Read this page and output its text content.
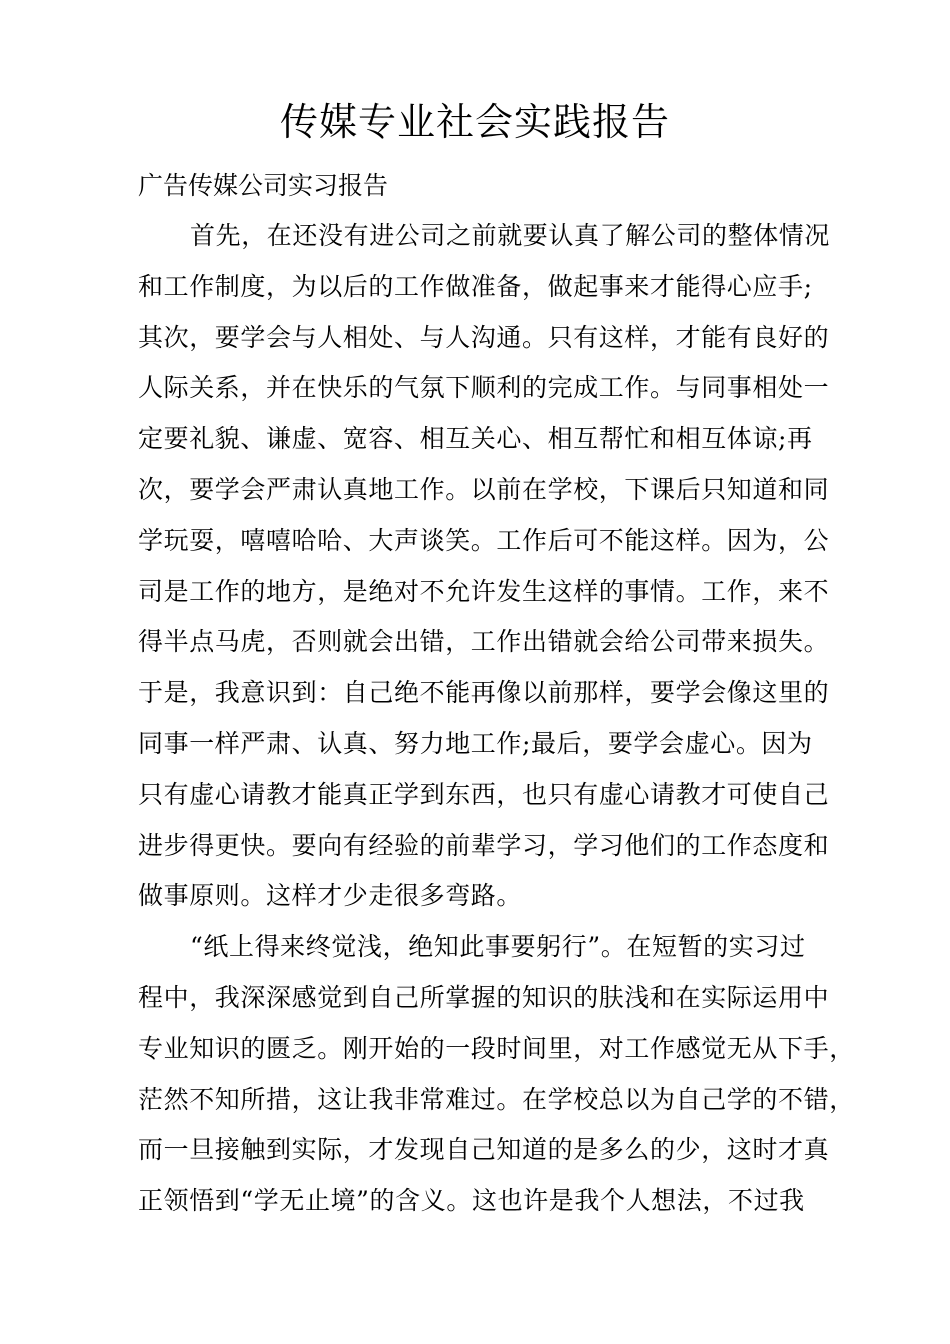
传媒专业社会实践报告
广告传媒公司实习报告
首先，在还没有进公司之前就要认真了解公司的整体情况
和工作制度，为以后的工作做准备，做起事来才能得心应手;
其次，要学会与人相处、与人沟通。只有这样，才能有良好的
人际关系，并在快乐的气氛下顺利的完成工作。与同事相处一
定要礼貌、谦虚、宽容、相互关心、相互帮忙和相互体谅;再
次，要学会严肃认真地工作。以前在学校，下课后只知道和同
学玩耍，嘻嘻哈哈、大声谈笑。工作后可不能这样。因为，公
司是工作的地方，是绝对不允许发生这样的事情。工作，来不
得半点马虎，否则就会出错，工作出错就会给公司带来损失。
于是，我意识到：自己绝不能再像以前那样，要学会像这里的
同事一样严肃、认真、努力地工作;最后，要学会虚心。因为
只有虚心请教才能真正学到东西，也只有虚心请教才可使自己
进步得更快。要向有经验的前辈学习，学习他们的工作态度和
做事原则。这样才少走很多弯路。
“纸上得来终觉浅，绝知此事要躬行”。在短暂的实习过
程中，我深深感觉到自己所掌握的知识的肤浅和在实际运用中
专业知识的匮乏。刚开始的一段时间里，对工作感觉无从下手，
茫然不知所措，这让我非常难过。在学校总以为自己学的不错，
而一旦接触到实际，才发现自己知道的是多么的少，这时才真
正领悟到“学无止境”的含义。这也许是我个人想法，不过我
